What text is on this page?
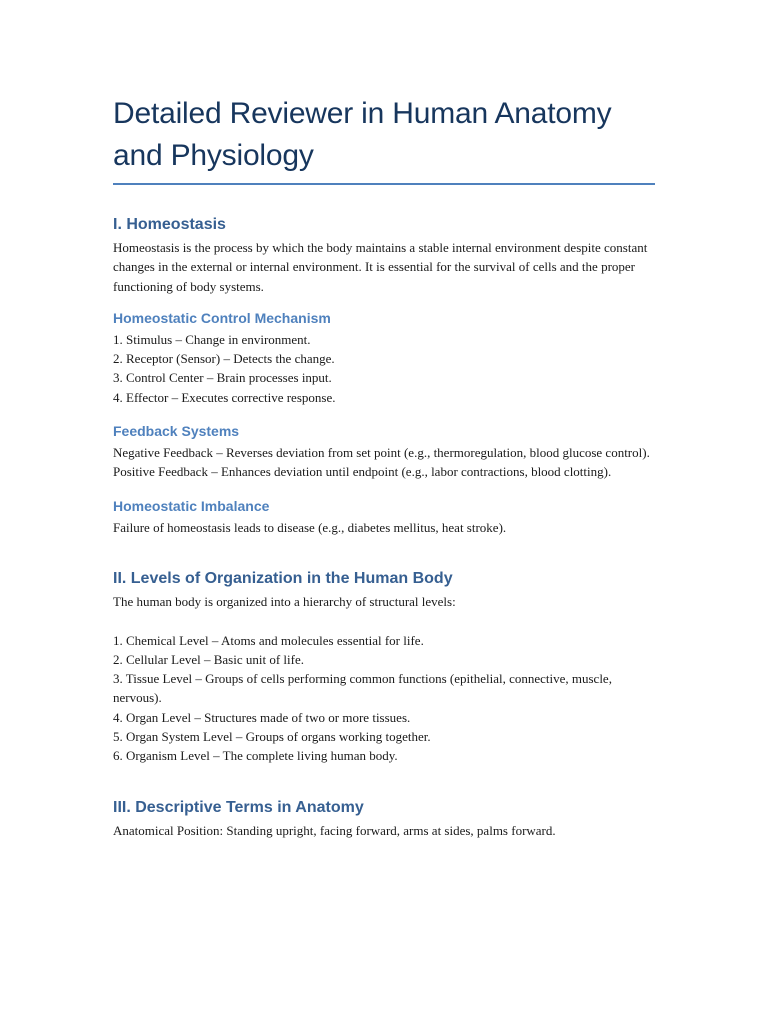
Detailed Reviewer in Human Anatomy and Physiology
I. Homeostasis

Homeostasis is the process by which the body maintains a stable internal environment despite constant changes in the external or internal environment. It is essential for the survival of cells and the proper functioning of body systems.

Homeostatic Control Mechanism
1. Stimulus – Change in environment.
2. Receptor (Sensor) – Detects the change.
3. Control Center – Brain processes input.
4. Effector – Executes corrective response.
Feedback Systems
Negative Feedback – Reverses deviation from set point (e.g., thermoregulation, blood glucose control).
Positive Feedback – Enhances deviation until endpoint (e.g., labor contractions, blood clotting).
Homeostatic Imbalance
Failure of homeostasis leads to disease (e.g., diabetes mellitus, heat stroke).
II. Levels of Organization in the Human Body

The human body is organized into a hierarchy of structural levels:

1. Chemical Level – Atoms and molecules essential for life.
2. Cellular Level – Basic unit of life.
3. Tissue Level – Groups of cells performing common functions (epithelial, connective, muscle, nervous).
4. Organ Level – Structures made of two or more tissues.
5. Organ System Level – Groups of organs working together.
6. Organism Level – The complete living human body.
III. Descriptive Terms in Anatomy

Anatomical Position: Standing upright, facing forward, arms at sides, palms forward.
